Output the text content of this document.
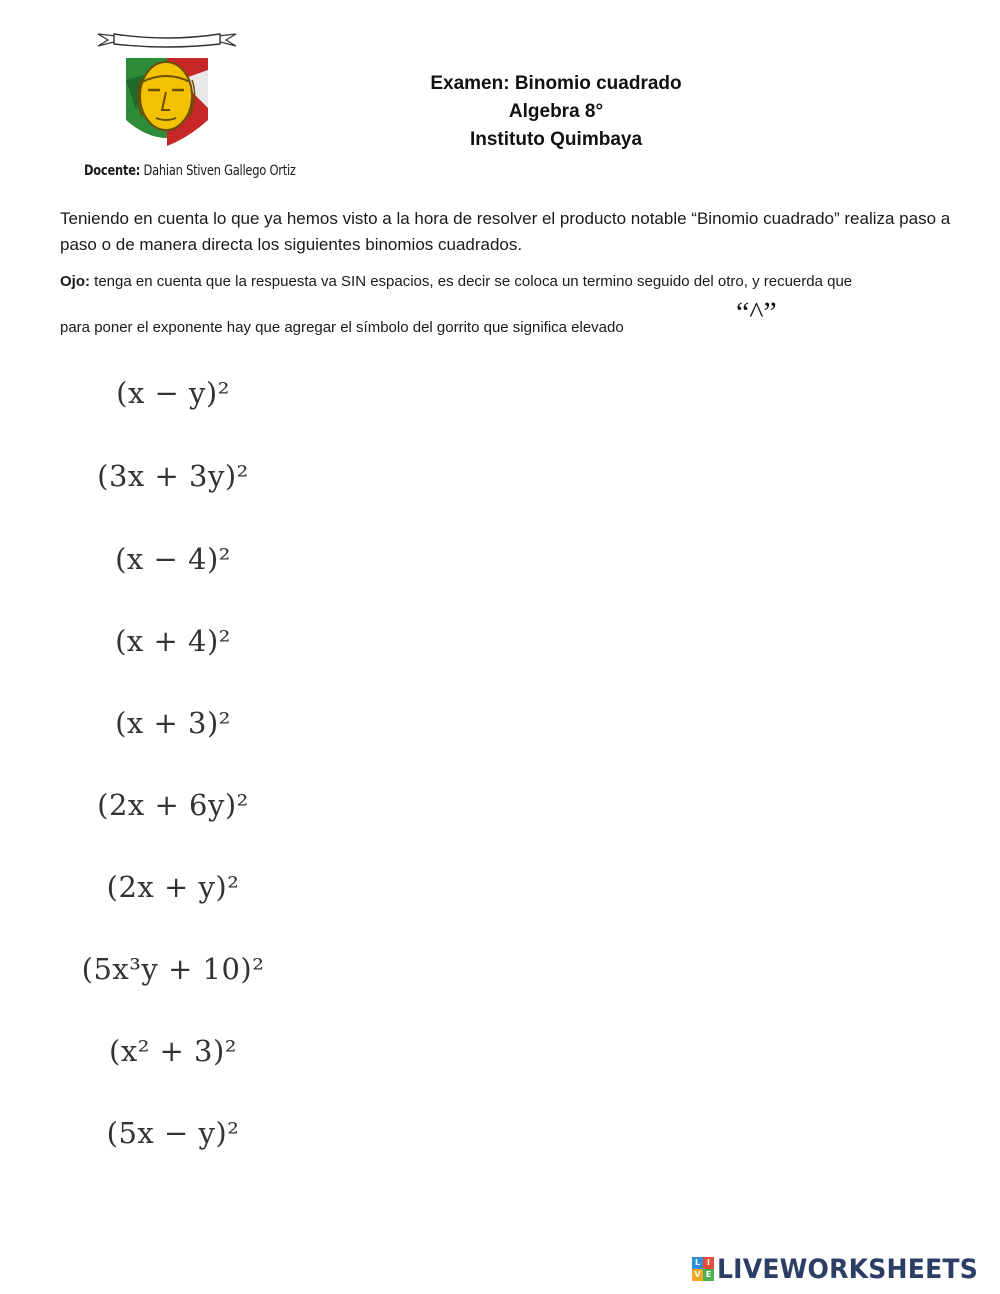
Docente: Dahian Stiven Gallego Ortiz
Examen: Binomio cuadrado
Algebra 8°
Instituto Quimbaya
Teniendo en cuenta lo que ya hemos visto a la hora de resolver el producto notable “Binomio cuadrado” realiza paso a paso o de manera directa los siguientes binomios cuadrados.
Ojo: tenga en cuenta que la respuesta va SIN espacios, es decir se coloca un termino seguido del otro, y recuerda que
para poner el exponente hay que agregar el símbolo del gorrito que significa elevado	“^”
(x − y)²
(3x + 3y)²
(x − 4)²
(x + 4)²
(x + 3)²
(2x + 6y)²
(2x + y)²
(5x³y + 10)²
(x² + 3)²
(5x − y)²
L I
V E LIVEWORKSHEETS
